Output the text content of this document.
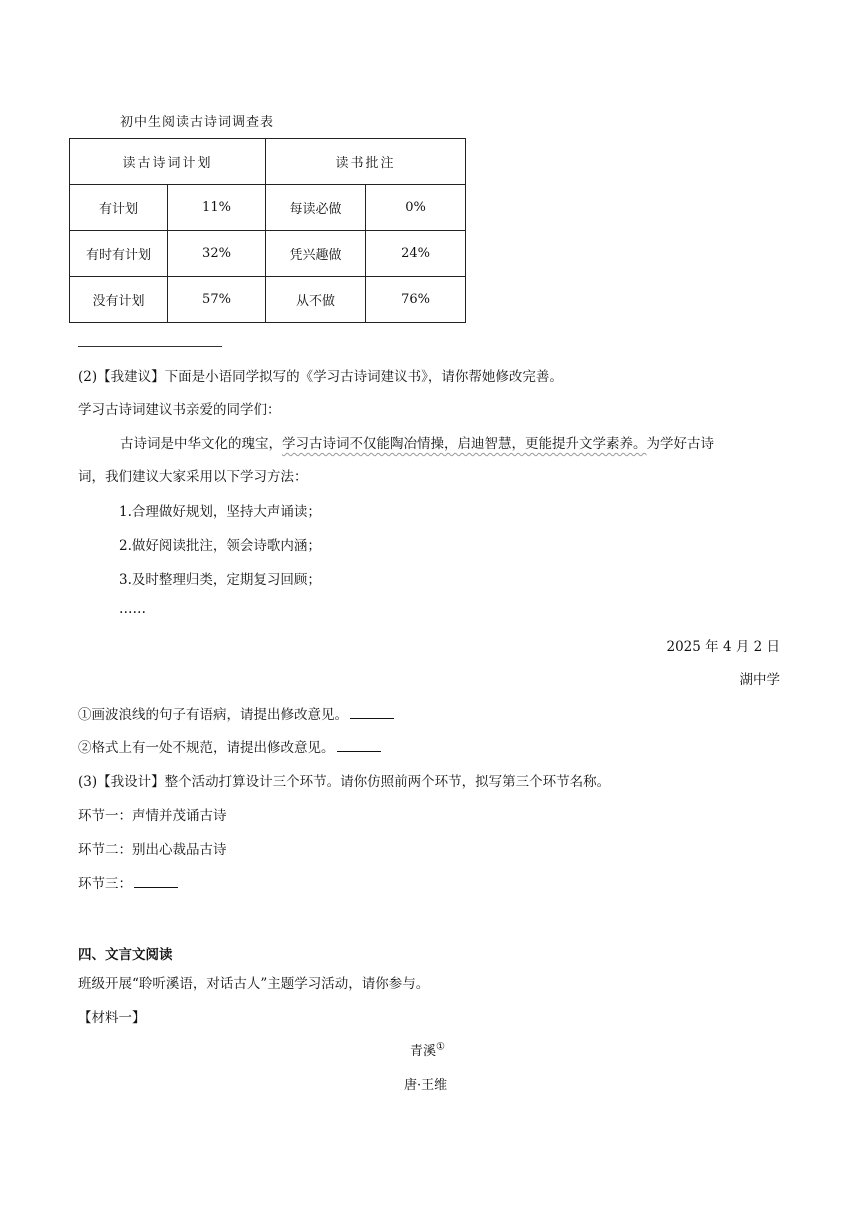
初中生阅读古诗词调查表
读古诗词计划		读书批注	
有计划	11%	每读必做	0%
有时有计划	32%	凭兴趣做	24%
没有计划	57%	从不做	76%
(2)【我建议】下面是小语同学拟写的《学习古诗词建议书》，请你帮她修改完善。
学习古诗词建议书亲爱的同学们：
古诗词是中华文化的瑰宝，学习古诗词不仅能陶冶情操，启迪智慧，更能提升文学素养。为学好古诗
词，我们建议大家采用以下学习方法：
1.合理做好规划，坚持大声诵读；
2.做好阅读批注，领会诗歌内涵；
3.及时整理归类，定期复习回顾；
……
2025 年 4 月 2 日
湖中学
①画波浪线的句子有语病，请提出修改意见。
②格式上有一处不规范，请提出修改意见。
(3)【我设计】整个活动打算设计三个环节。请你仿照前两个环节，拟写第三个环节名称。
环节一：声情并茂诵古诗
环节二：别出心裁品古诗
环节三：
四、文言文阅读
班级开展“聆听溪语，对话古人”主题学习活动，请你参与。
【材料一】
青溪①
唐·王维
